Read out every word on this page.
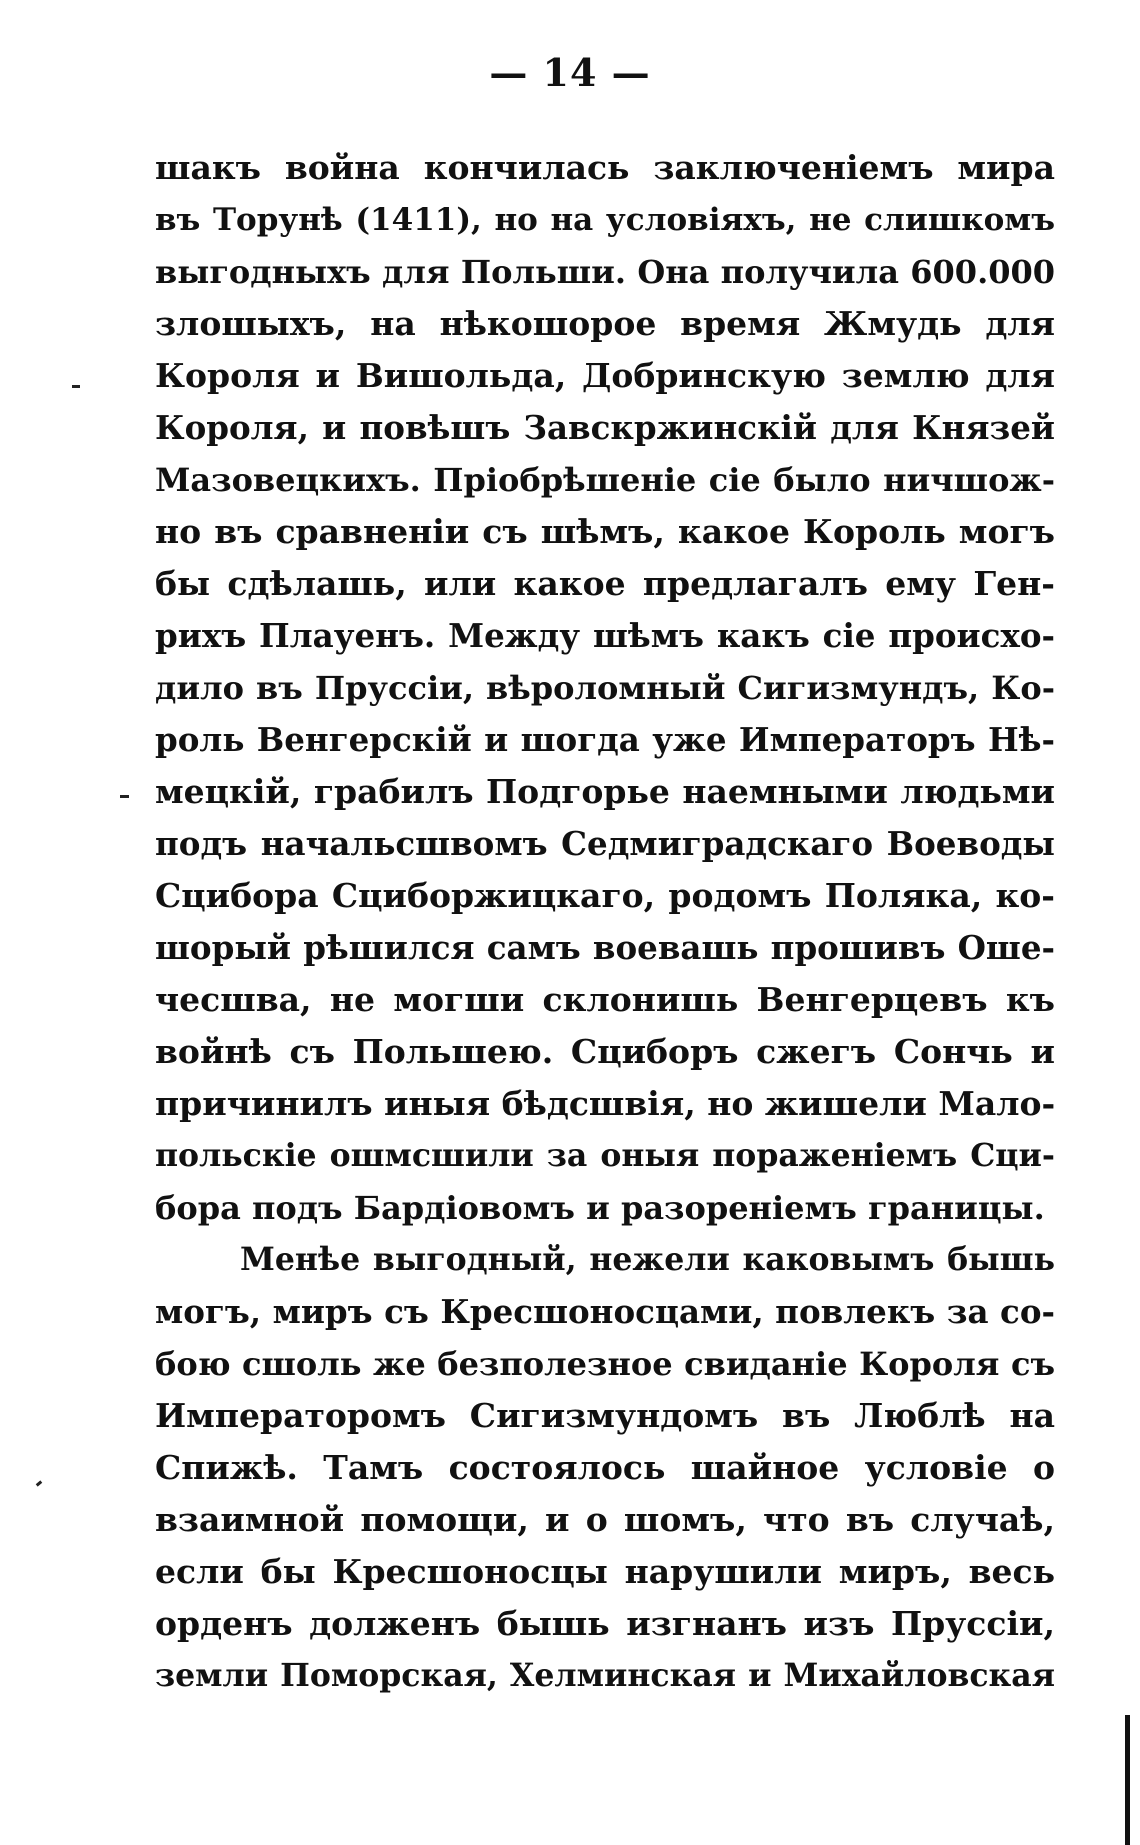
— 14 —
шакъ война кончилась заключеніемъ мира
въ Торунѣ (1411), но на условіяхъ, не слишкомъ
выгодныхъ для Польши. Она получила 600.000
злошыхъ, на нѣкошорое время Жмудь для
Короля и Вишольда, Добринскую землю для
Короля, и повѣшъ Завскржинскій для Князей
Мазовецкихъ. Пріобрѣшеніе сіе было ничшож-
но въ сравненіи съ шѣмъ, какое Король могъ
бы сдѣлашь, или какое предлагалъ ему Ген-
рихъ Плауенъ. Между шѣмъ какъ сіе происхо-
дило въ Пруссіи, вѣроломный Сигизмундъ, Ко-
роль Венгерскій и шогда уже Императоръ Нѣ-
мецкій, грабилъ Подгорье наемными людьми
подъ начальсшвомъ Седмиградскаго Воеводы
Сцибора Сциборжицкаго, родомъ Поляка, ко-
шорый рѣшился самъ воевашь прошивъ Оше-
чесшва, не могши склонишь Венгерцевъ къ
войнѣ съ Польшею. Сциборъ сжегъ Сончь и
причинилъ иныя бѣдсшвія, но жишели Мало-
польскіе ошмсшили за оныя пораженіемъ Сци-
бора подъ Бардіовомъ и разореніемъ границы.
Менѣе выгодный, нежели каковымъ бышь
могъ, миръ съ Кресшоносцами, повлекъ за со-
бою сшоль же безполезное свиданіе Короля съ
Императоромъ Сигизмундомъ въ Люблѣ на
Спижѣ. Тамъ состоялось шайное условіе о
взаимной помощи, и о шомъ, что въ случаѣ,
если бы Кресшоносцы нарушили миръ, весь
орденъ долженъ бышь изгнанъ изъ Пруссіи,
земли Поморская, Хелминская и Михайловская
